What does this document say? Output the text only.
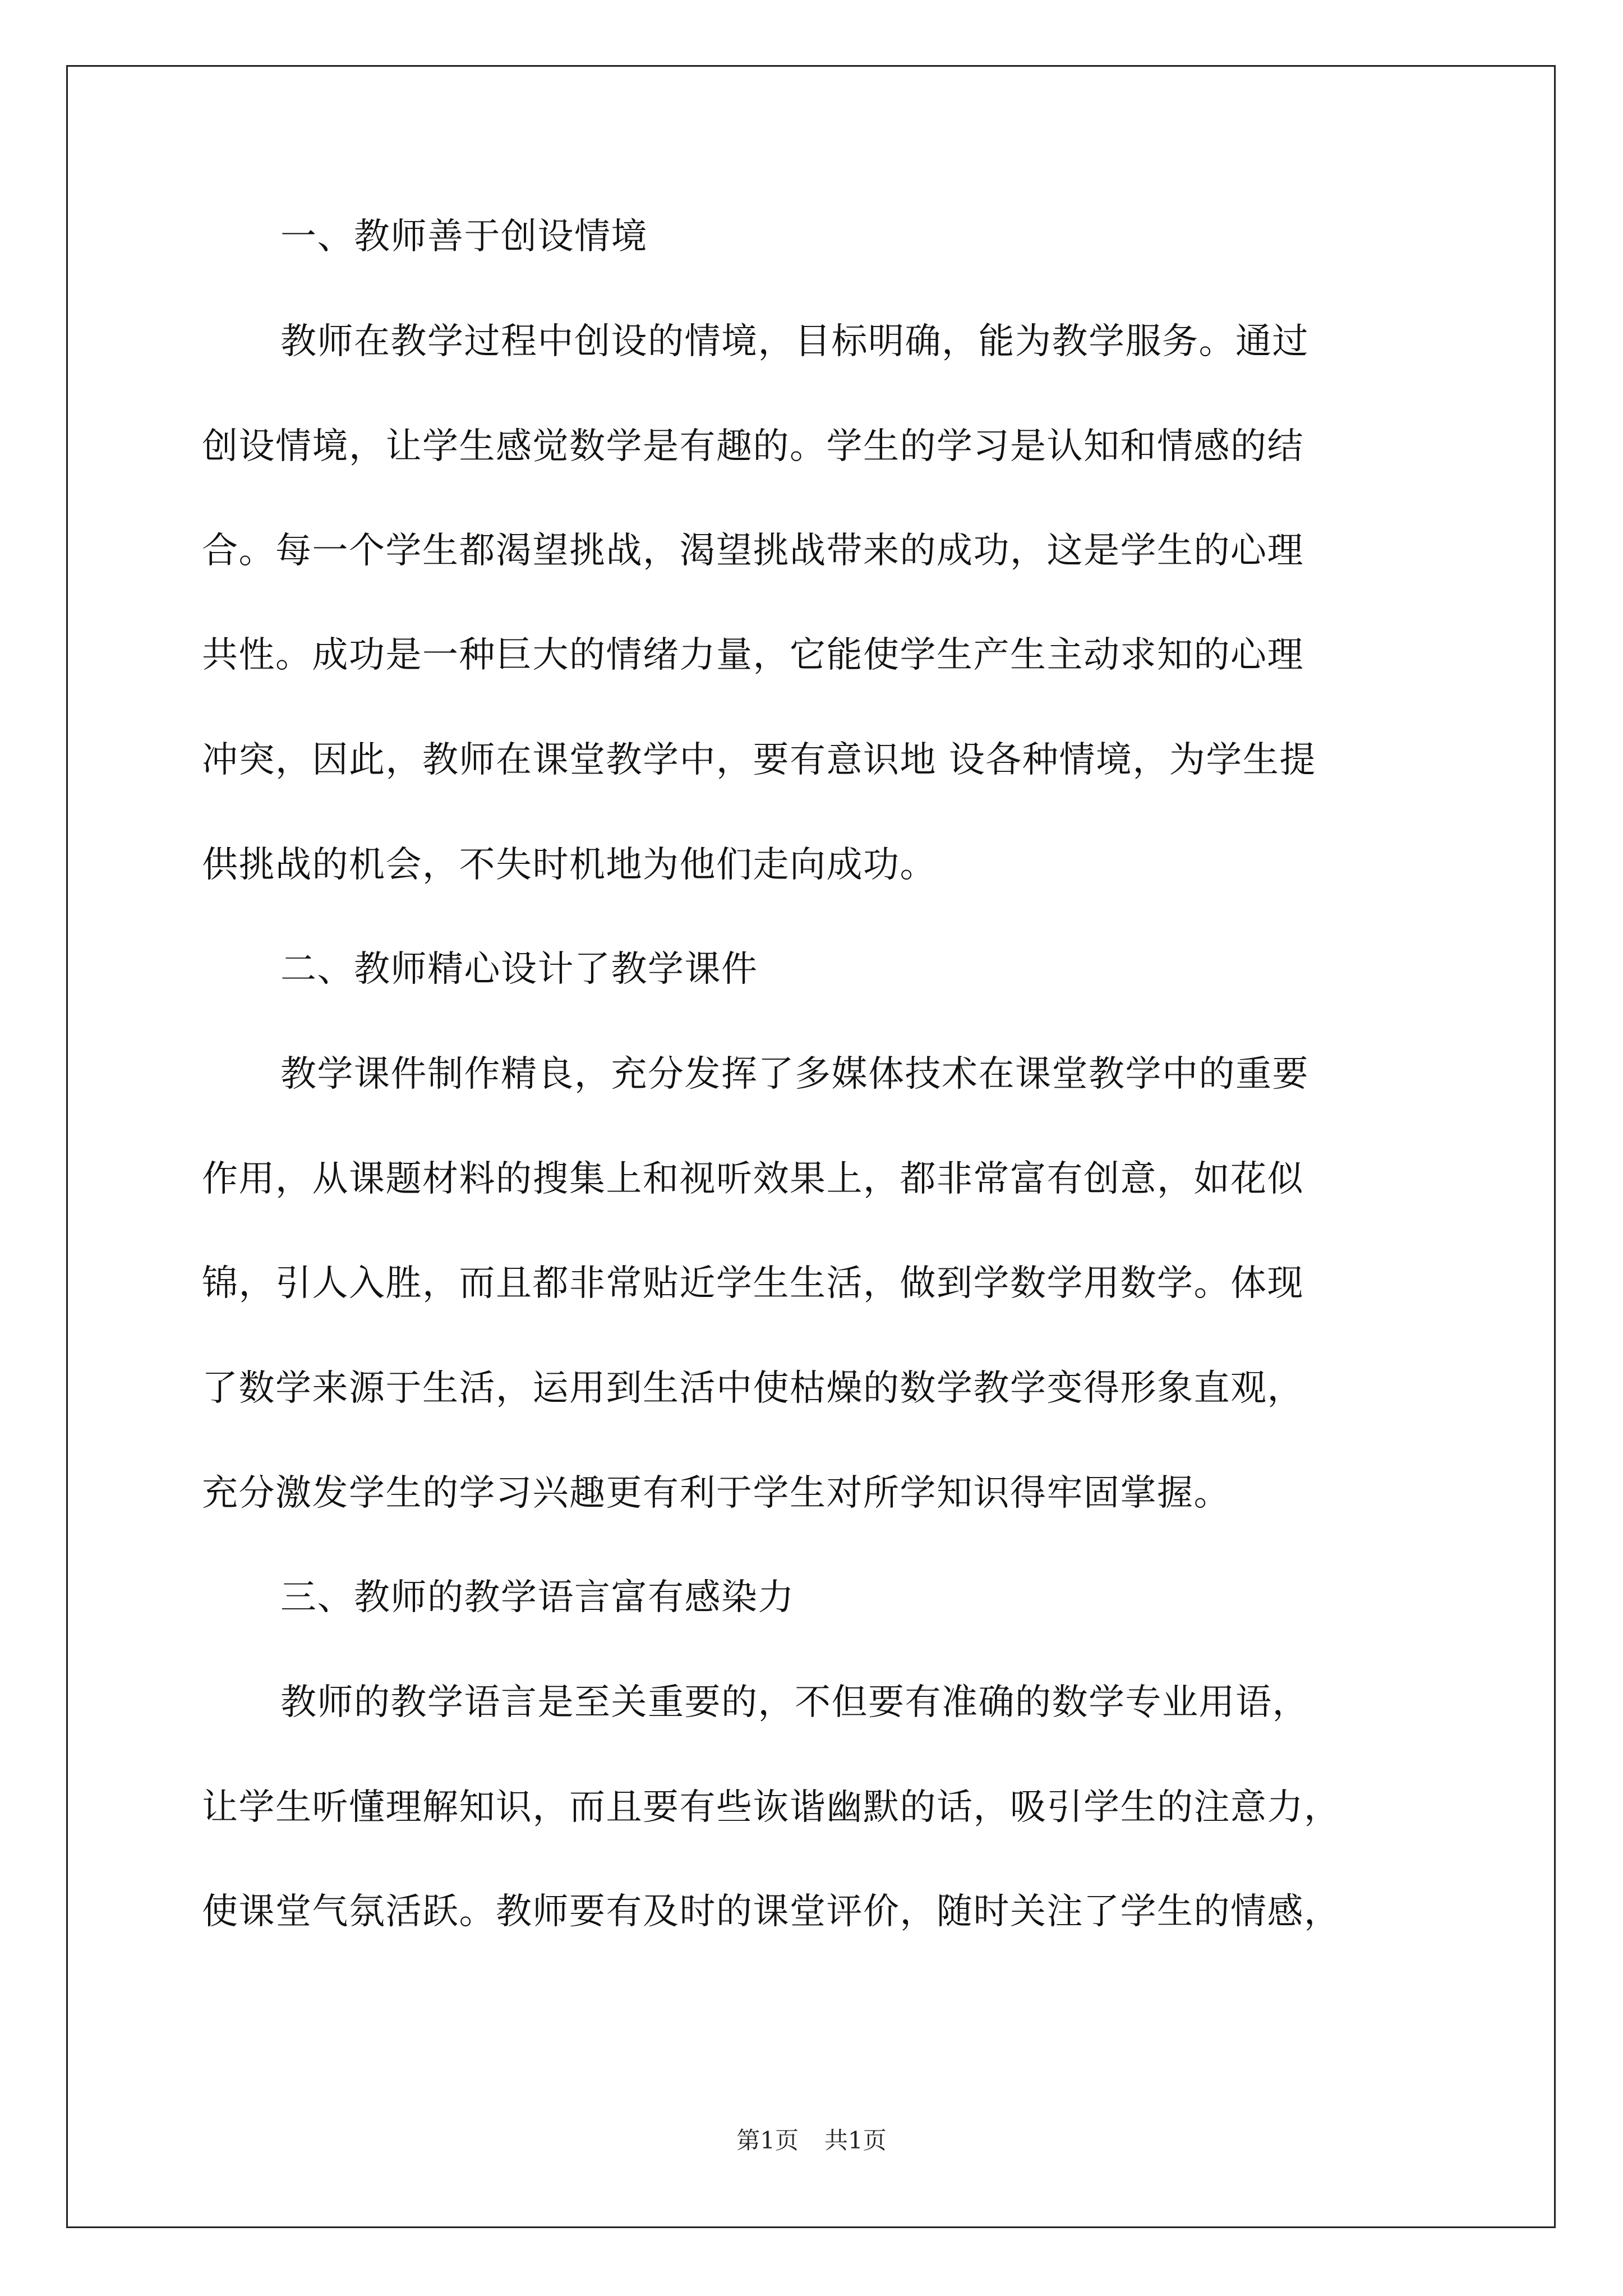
一、教师善于创设情境
教师在教学过程中创设的情境，目标明确，能为教学服务。通过
创设情境，让学生感觉数学是有趣的。学生的学习是认知和情感的结
合。每一个学生都渴望挑战，渴望挑战带来的成功，这是学生的心理
共性。成功是一种巨大的情绪力量，它能使学生产生主动求知的心理
冲突，因此，教师在课堂教学中，要有意识地 设各种情境，为学生提
供挑战的机会，不失时机地为他们走向成功。
二、教师精心设计了教学课件
教学课件制作精良，充分发挥了多媒体技术在课堂教学中的重要
作用，从课题材料的搜集上和视听效果上，都非常富有创意，如花似
锦，引人入胜，而且都非常贴近学生生活，做到学数学用数学。体现
了数学来源于生活，运用到生活中使枯燥的数学教学变得形象直观，
充分激发学生的学习兴趣更有利于学生对所学知识得牢固掌握。
三、教师的教学语言富有感染力
教师的教学语言是至关重要的，不但要有准确的数学专业用语，
让学生听懂理解知识，而且要有些诙谐幽默的话，吸引学生的注意力，
使课堂气氛活跃。教师要有及时的课堂评价，随时关注了学生的情感，
第1页 共1页
